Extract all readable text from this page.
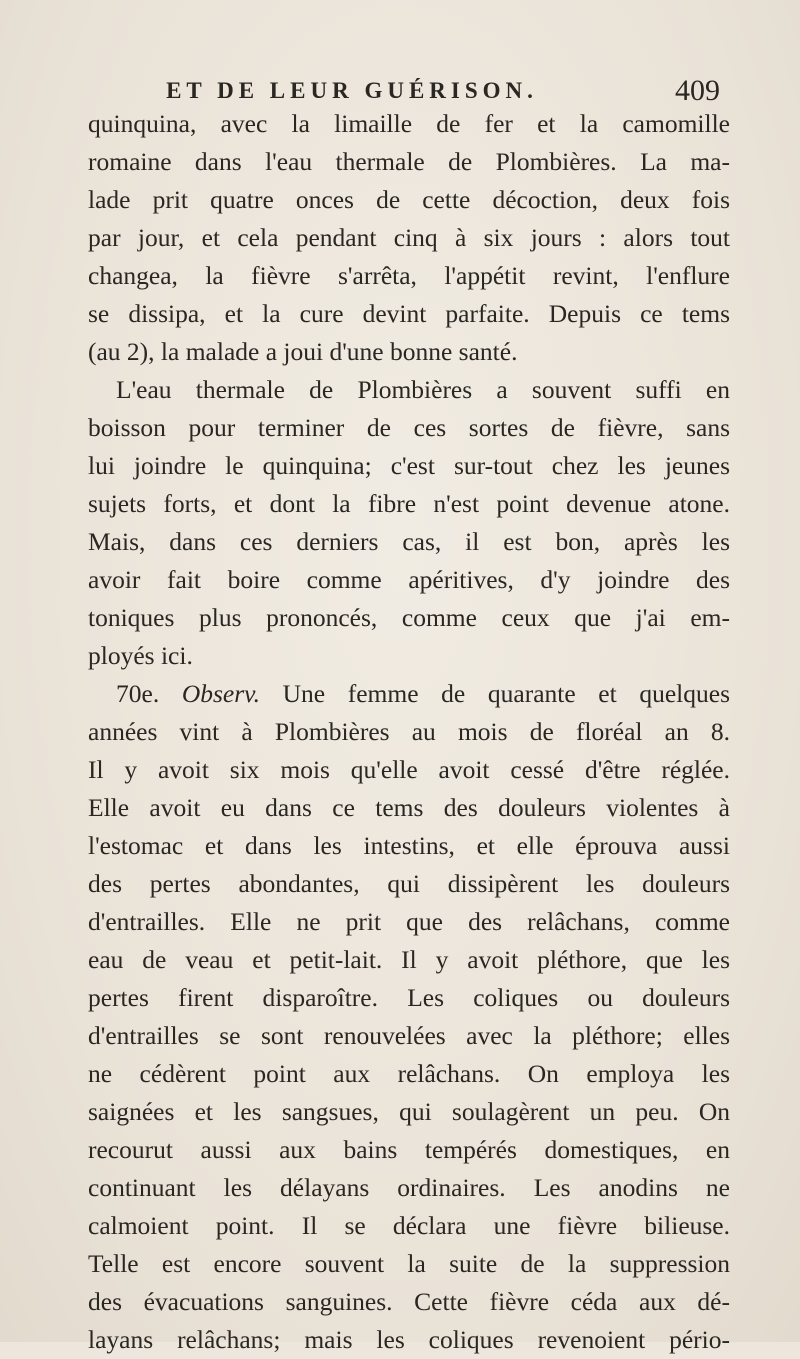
ET DE LEUR GUÉRISON.	409
quinquina, avec la limaille de fer et la camomille
romaine dans l'eau thermale de Plombières. La ma-
lade prit quatre onces de cette décoction, deux fois
par jour, et cela pendant cinq à six jours : alors tout
changea, la fièvre s'arrêta, l'appétit revint, l'enflure
se dissipa, et la cure devint parfaite. Depuis ce tems
(au 2), la malade a joui d'une bonne santé.
L'eau thermale de Plombières a souvent suffi en
boisson pour terminer de ces sortes de fièvre, sans
lui joindre le quinquina; c'est sur-tout chez les jeunes
sujets forts, et dont la fibre n'est point devenue atone.
Mais, dans ces derniers cas, il est bon, après les
avoir fait boire comme apéritives, d'y joindre des
toniques plus prononcés, comme ceux que j'ai em-
ployés ici.
70e. Observ. Une femme de quarante et quelques
années vint à Plombières au mois de floréal an 8.
Il y avoit six mois qu'elle avoit cessé d'être réglée.
Elle avoit eu dans ce tems des douleurs violentes à
l'estomac et dans les intestins, et elle éprouva aussi
des pertes abondantes, qui dissipèrent les douleurs
d'entrailles. Elle ne prit que des relâchans, comme
eau de veau et petit-lait. Il y avoit pléthore, que les
pertes firent disparoître. Les coliques ou douleurs
d'entrailles se sont renouvelées avec la pléthore; elles
ne cédèrent point aux relâchans. On employa les
saignées et les sangsues, qui soulagèrent un peu. On
recourut aussi aux bains tempérés domestiques, en
continuant les délayans ordinaires. Les anodins ne
calmoient point. Il se déclara une fièvre bilieuse.
Telle est encore souvent la suite de la suppression
des évacuations sanguines. Cette fièvre céda aux dé-
layans relâchans; mais les coliques revenoient pério-
